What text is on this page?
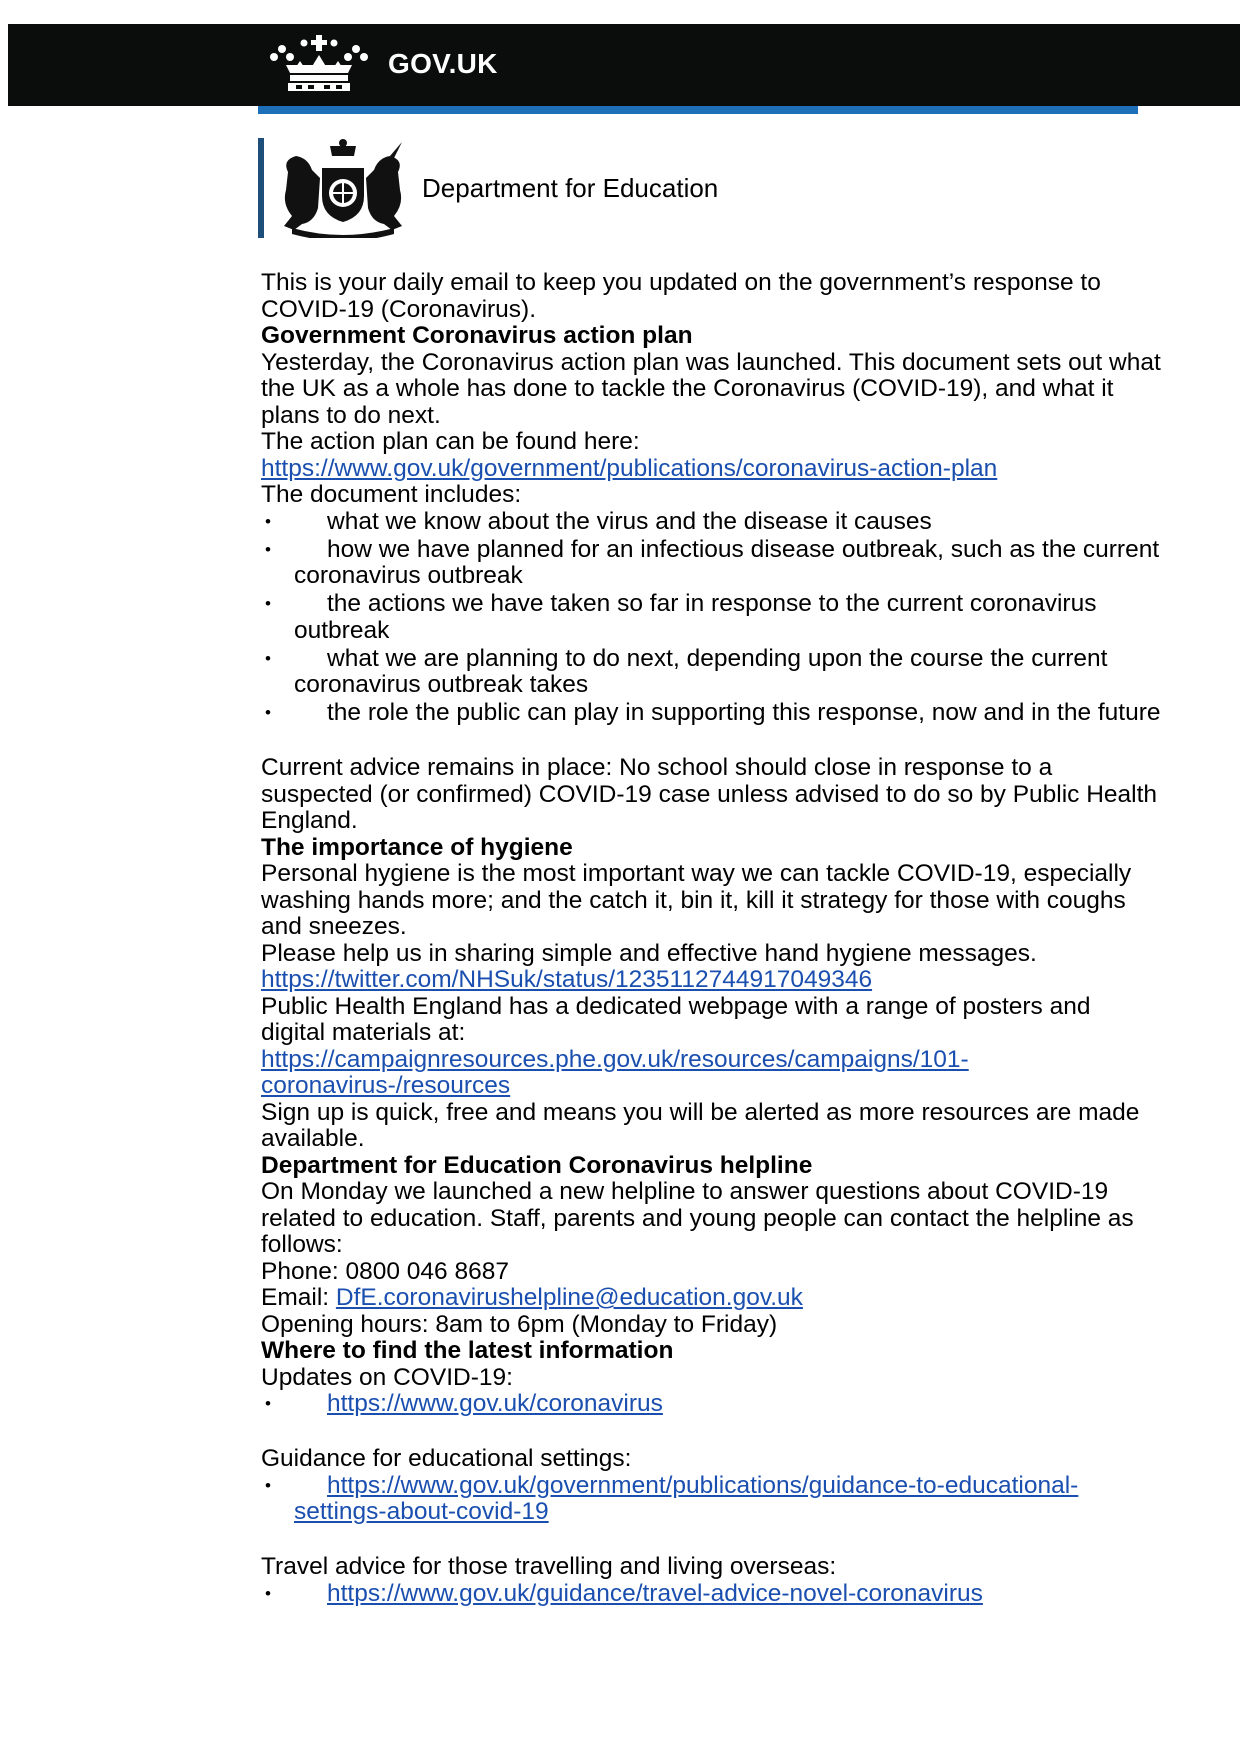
GOV.UK
Department for Education

This is your daily email to keep you updated on the government’s response to COVID-19 (Coronavirus).

Government Coronavirus action plan

Yesterday, the Coronavirus action plan was launched. This document sets out what the UK as a whole has done to tackle the Coronavirus (COVID-19), and what it plans to do next.

The action plan can be found here: https://www.gov.uk/government/publications/coronavirus-action-plan

The document includes:

• what we know about the virus and the disease it causes
• how we have planned for an infectious disease outbreak, such as the current coronavirus outbreak
• the actions we have taken so far in response to the current coronavirus outbreak
• what we are planning to do next, depending upon the course the current coronavirus outbreak takes
• the role the public can play in supporting this response, now and in the future

Current advice remains in place: No school should close in response to a suspected (or confirmed) COVID-19 case unless advised to do so by Public Health England.

The importance of hygiene

Personal hygiene is the most important way we can tackle COVID-19, especially washing hands more; and the catch it, bin it, kill it strategy for those with coughs and sneezes.

Please help us in sharing simple and effective hand hygiene messages.

https://twitter.com/NHSuk/status/1235112744917049346

Public Health England has a dedicated webpage with a range of posters and digital materials at:

https://campaignresources.phe.gov.uk/resources/campaigns/101-coronavirus-/resources

Sign up is quick, free and means you will be alerted as more resources are made available.

Department for Education Coronavirus helpline

On Monday we launched a new helpline to answer questions about COVID-19 related to education. Staff, parents and young people can contact the helpline as follows:

Phone: 0800 046 8687

Email: DfE.coronavirushelpline@education.gov.uk

Opening hours: 8am to 6pm (Monday to Friday)

Where to find the latest information

Updates on COVID-19:

• https://www.gov.uk/coronavirus

Guidance for educational settings:

• https://www.gov.uk/government/publications/guidance-to-educational-settings-about-covid-19

Travel advice for those travelling and living overseas:

• https://www.gov.uk/guidance/travel-advice-novel-coronavirus
